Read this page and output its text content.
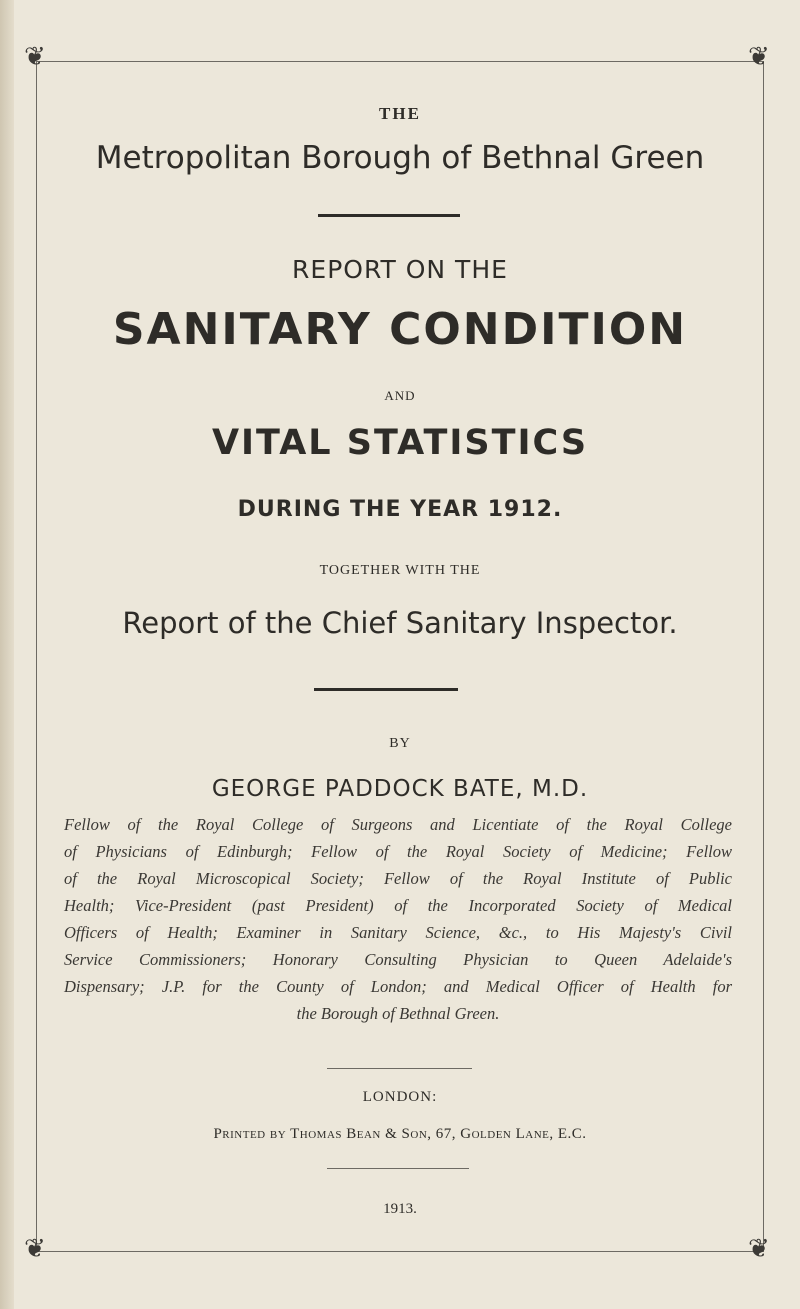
❦	❦
❦	❦
THE
Metropolitan Borough of Bethnal Green
REPORT ON THE
SANITARY CONDITION
AND
VITAL STATISTICS
DURING THE YEAR 1912.
TOGETHER WITH THE
Report of the Chief Sanitary Inspector.
BY
GEORGE PADDOCK BATE, M.D.
Fellow of the Royal College of Surgeons and Licentiate of the Royal College
of Physicians of Edinburgh; Fellow of the Royal Society of Medicine; Fellow
of the Royal Microscopical Society; Fellow of the Royal Institute of Public
Health; Vice-President (past President) of the Incorporated Society of Medical
Officers of Health; Examiner in Sanitary Science, &c., to His Majesty's Civil
Service Commissioners; Honorary Consulting Physician to Queen Adelaide's
Dispensary; J.P. for the County of London; and Medical Officer of Health for
the Borough of Bethnal Green.
LONDON:
Printed by Thomas Bean & Son, 67, Golden Lane, E.C.
1913.
